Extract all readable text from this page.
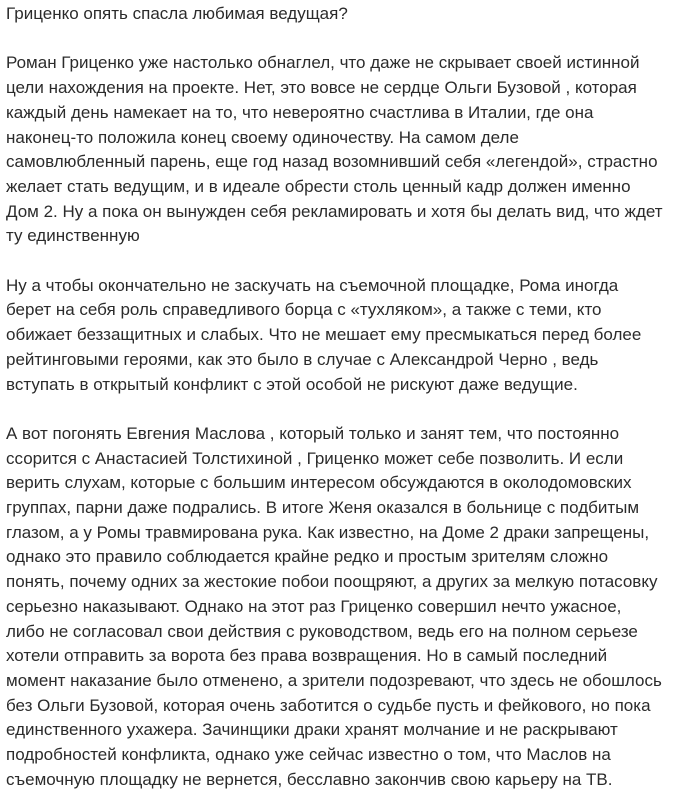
Гриценко опять спасла любимая ведущая?
Роман Гриценко уже настолько обнаглел, что даже не скрывает своей истинной
цели нахождения на проекте. Нет, это вовсе не сердце Ольги Бузовой , которая
каждый день намекает на то, что невероятно счастлива в Италии, где она
наконец-то положила конец своему одиночеству. На самом деле
самовлюбленный парень, еще год назад возомнивший себя «легендой», страстно
желает стать ведущим, и в идеале обрести столь ценный кадр должен именно
Дом 2. Ну а пока он вынужден себя рекламировать и хотя бы делать вид, что ждет
ту единственную
Ну а чтобы окончательно не заскучать на съемочной площадке, Рома иногда
берет на себя роль справедливого борца с «тухляком», а также с теми, кто
обижает беззащитных и слабых. Что не мешает ему пресмыкаться перед более
рейтинговыми героями, как это было в случае с Александрой Черно , ведь
вступать в открытый конфликт с этой особой не рискуют даже ведущие.
А вот погонять Евгения Маслова , который только и занят тем, что постоянно
ссорится с Анастасией Толстихиной , Гриценко может себе позволить. И если
верить слухам, которые с большим интересом обсуждаются в околодомовских
группах, парни даже подрались. В итоге Женя оказался в больнице с подбитым
глазом, а у Ромы травмирована рука. Как известно, на Доме 2 драки запрещены,
однако это правило соблюдается крайне редко и простым зрителям сложно
понять, почему одних за жестокие побои поощряют, а других за мелкую потасовку
серьезно наказывают. Однако на этот раз Гриценко совершил нечто ужасное,
либо не согласовал свои действия с руководством, ведь его на полном серьезе
хотели отправить за ворота без права возвращения. Но в самый последний
момент наказание было отменено, а зрители подозревают, что здесь не обошлось
без Ольги Бузовой, которая очень заботится о судьбе пусть и фейкового, но пока
единственного ухажера. Зачинщики драки хранят молчание и не раскрывают
подробностей конфликта, однако уже сейчас известно о том, что Маслов на
съемочную площадку не вернется, бесславно закончив свою карьеру на ТВ.
